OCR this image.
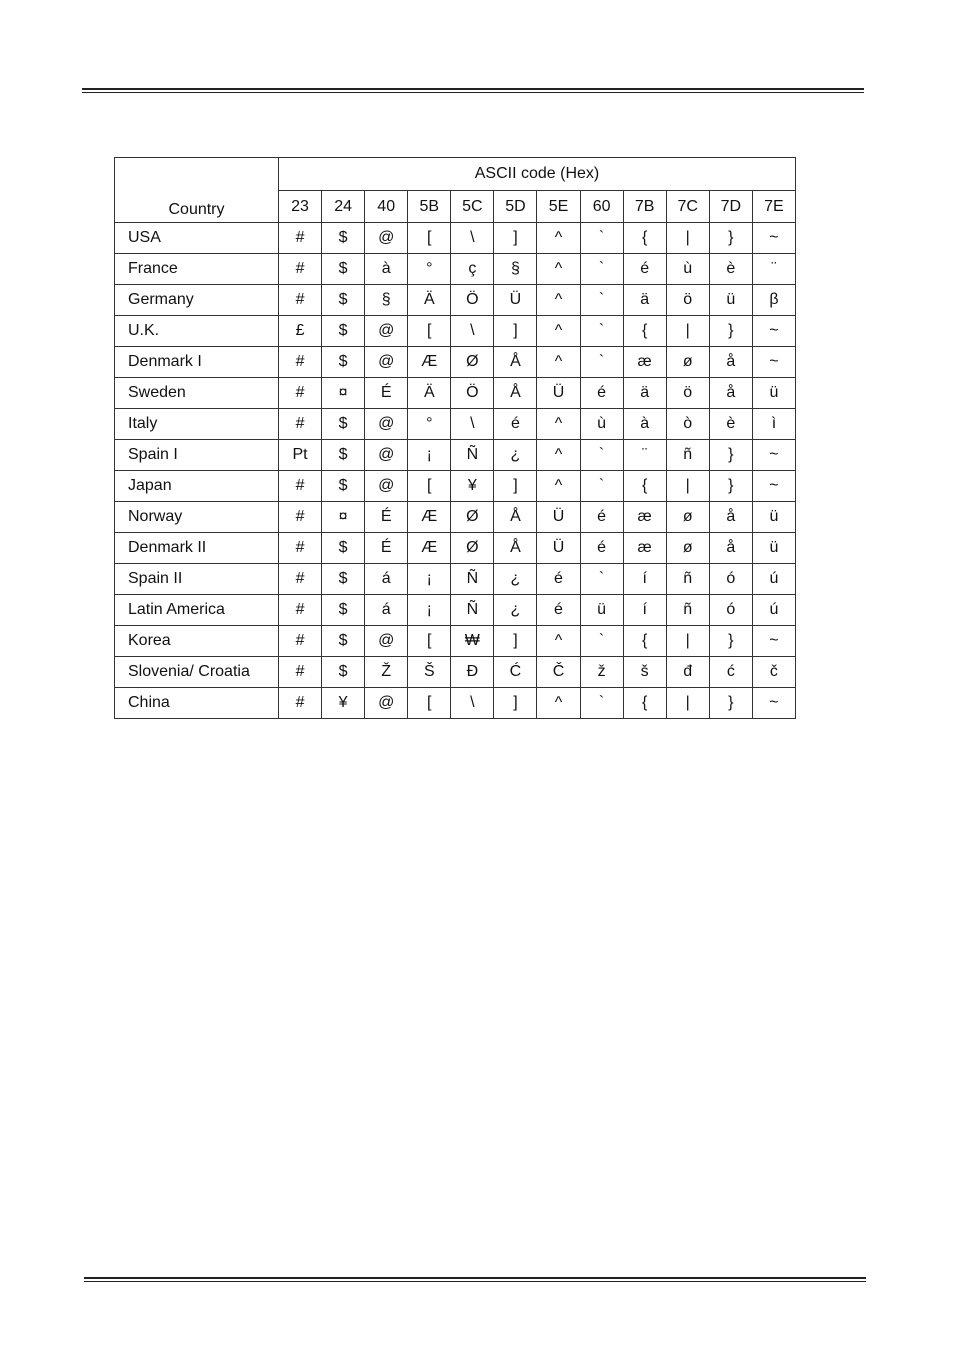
Country	ASCII code (Hex)											
	23	24	40	5B	5C	5D	5E	60	7B	7C	7D	7E
USA	#	$	@	[	\	]	^	`	{	|	}	~
France	#	$	à	°	ç	§	^	`	é	ù	è	¨
Germany	#	$	§	Ä	Ö	Ü	^	`	ä	ö	ü	β
U.K.	£	$	@	[	\	]	^	`	{	|	}	~
Denmark I	#	$	@	Æ	Ø	Å	^	`	æ	ø	å	~
Sweden	#	¤	É	Ä	Ö	Å	Ü	é	ä	ö	å	ü
Italy	#	$	@	°	\	é	^	ù	à	ò	è	ì
Spain I	Pt	$	@	¡	Ñ	¿	^	`	¨	ñ	}	~
Japan	#	$	@	[	¥	]	^	`	{	|	}	~
Norway	#	¤	É	Æ	Ø	Å	Ü	é	æ	ø	å	ü
Denmark II	#	$	É	Æ	Ø	Å	Ü	é	æ	ø	å	ü
Spain II	#	$	á	¡	Ñ	¿	é	`	í	ñ	ó	ú
Latin America	#	$	á	¡	Ñ	¿	é	ü	í	ñ	ó	ú
Korea	#	$	@	[	₩	]	^	`	{	|	}	~
Slovenia/ Croatia	#	$	Ž	Š	Đ	Ć	Č	ž	š	đ	ć	č
China	#	¥	@	[	\	]	^	`	{	|	}	~
